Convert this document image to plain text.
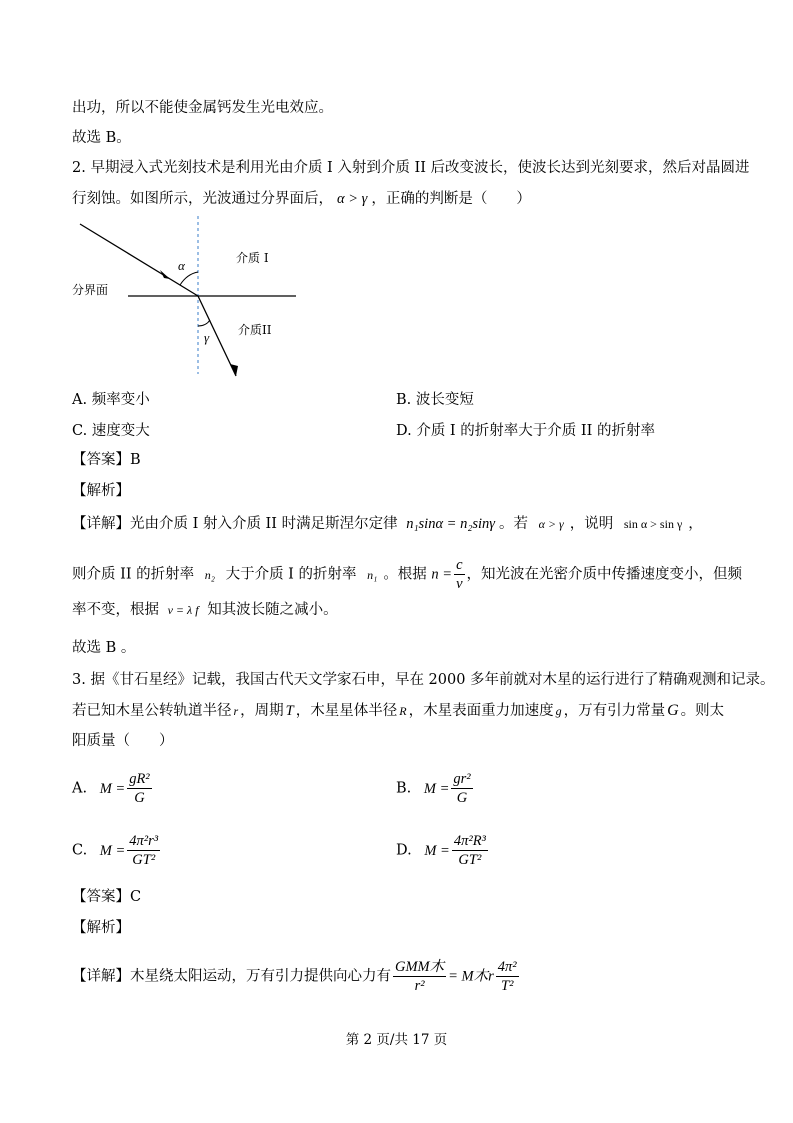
出功，所以不能使金属钙发生光电效应。
故选 B。
2. 早期浸入式光刻技术是利用光由介质 I 入射到介质 II 后改变波长，使波长达到光刻要求，然后对晶圆进
行刻蚀。如图所示，光波通过分界面后， α > γ ，正确的判断是（　　）
α
γ
介质 I
介质II
分界面
A. 频率变小	B. 波长变短
C. 速度变大	D. 介质 I 的折射率大于介质 II 的折射率
【答案】B
【解析】
【详解】光由介质 I 射入介质 II 时满足斯涅尔定律 n₁sinα = n₂sinγ 。若 α > γ ，说明 sin α > sin γ ，
则介质 II 的折射率 n₂ 大于介质 I 的折射率 n₁ 。根据 $n = \frac{c}{v}$ ，知光波在光密介质中传播速度变小，但频
率不变，根据 v = λ f 知其波长随之减小。
故选 B 。
3. 据《甘石星经》记载，我国古代天文学家石申，早在 2000 多年前就对木星的运行进行了精确观测和记录。
若已知木星公转轨道半径 r ，周期 T ，木星星体半径 R ，木星表面重力加速度 g ，万有引力常量 G 。则太
阳质量（　　）
A. $M = \frac{\text{gR²}}{G}$	B. $M = \frac{\text{gr²}}{G}$
C. $M = \frac{\text{4π²r³}}{\text{GT²}}$	D. $M = \frac{\text{4π²R³}}{\text{GT²}}$
【答案】C
【解析】
【详解】木星绕太阳运动，万有引力提供向心力有 $\frac{\text{GMM木}}{\text{r²}} = M$木r $\frac{\text{4π²}}{\text{T²}}$
第 2 页/共 17 页
